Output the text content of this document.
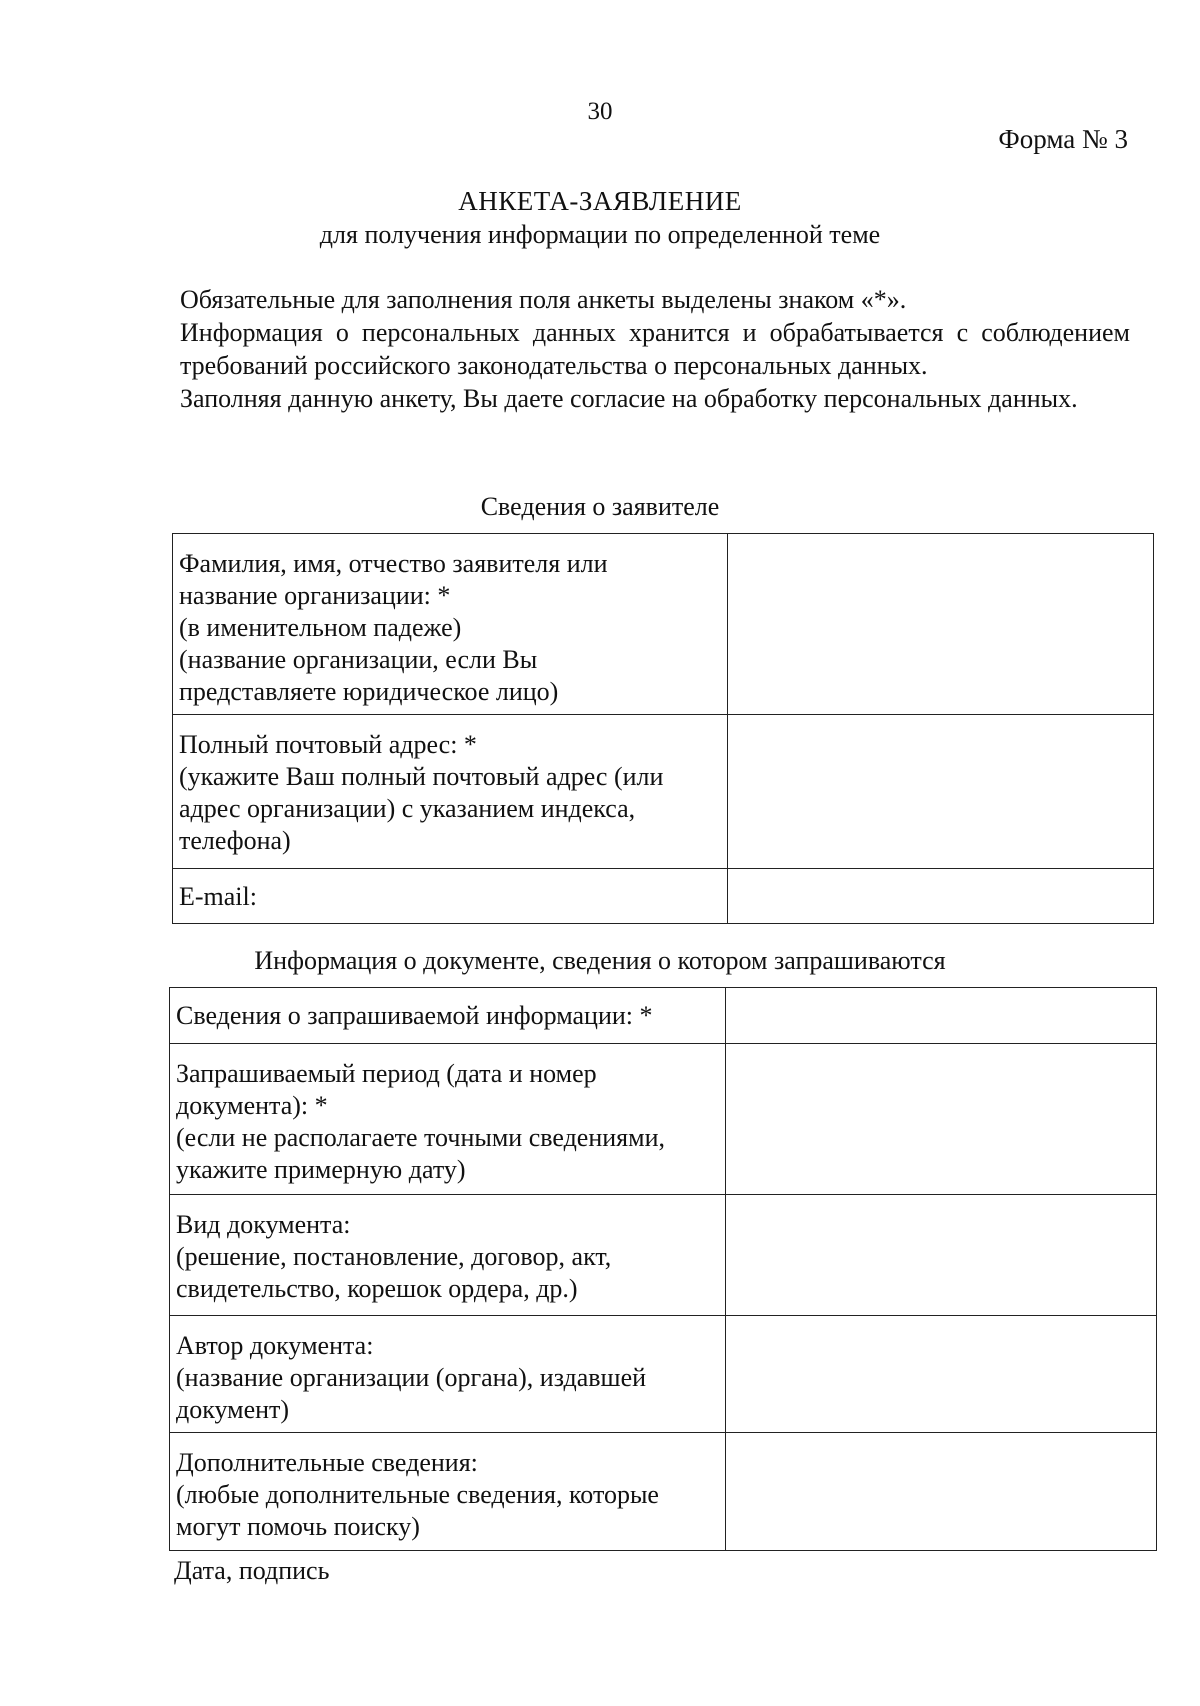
30
Форма № 3
АНКЕТА-ЗАЯВЛЕНИЕ
для получения информации по определенной теме

Обязательные для заполнения поля анкеты выделены знаком «*».

Информация о персональных данных хранится и обрабатывается с соблюдением требований российского законодательства о персональных данных.

Заполняя данную анкету, Вы даете согласие на обработку персональных данных.

Сведения о заявителе
Фамилия, имя, отчество заявителя или
название организации: *
(в именительном падеже)
(название организации, если Вы
представляете юридическое лицо)	

Полный почтовый адрес: *
(укажите Ваш полный почтовый адрес (или
адрес организации) с указанием индекса,
телефона)	

E-mail:	

Информация о документе, сведения о котором запрашиваются
Сведения о запрашиваемой информации: *	

Запрашиваемый период (дата и номер
документа): *
(если не располагаете точными сведениями,
укажите примерную дату)	

Вид документа:
(решение, постановление, договор, акт,
свидетельство, корешок ордера, др.)	

Автор документа:
(название организации (органа), издавшей
документ)	

Дополнительные сведения:
(любые дополнительные сведения, которые
могут помочь поиску)	

Дата, подпись
